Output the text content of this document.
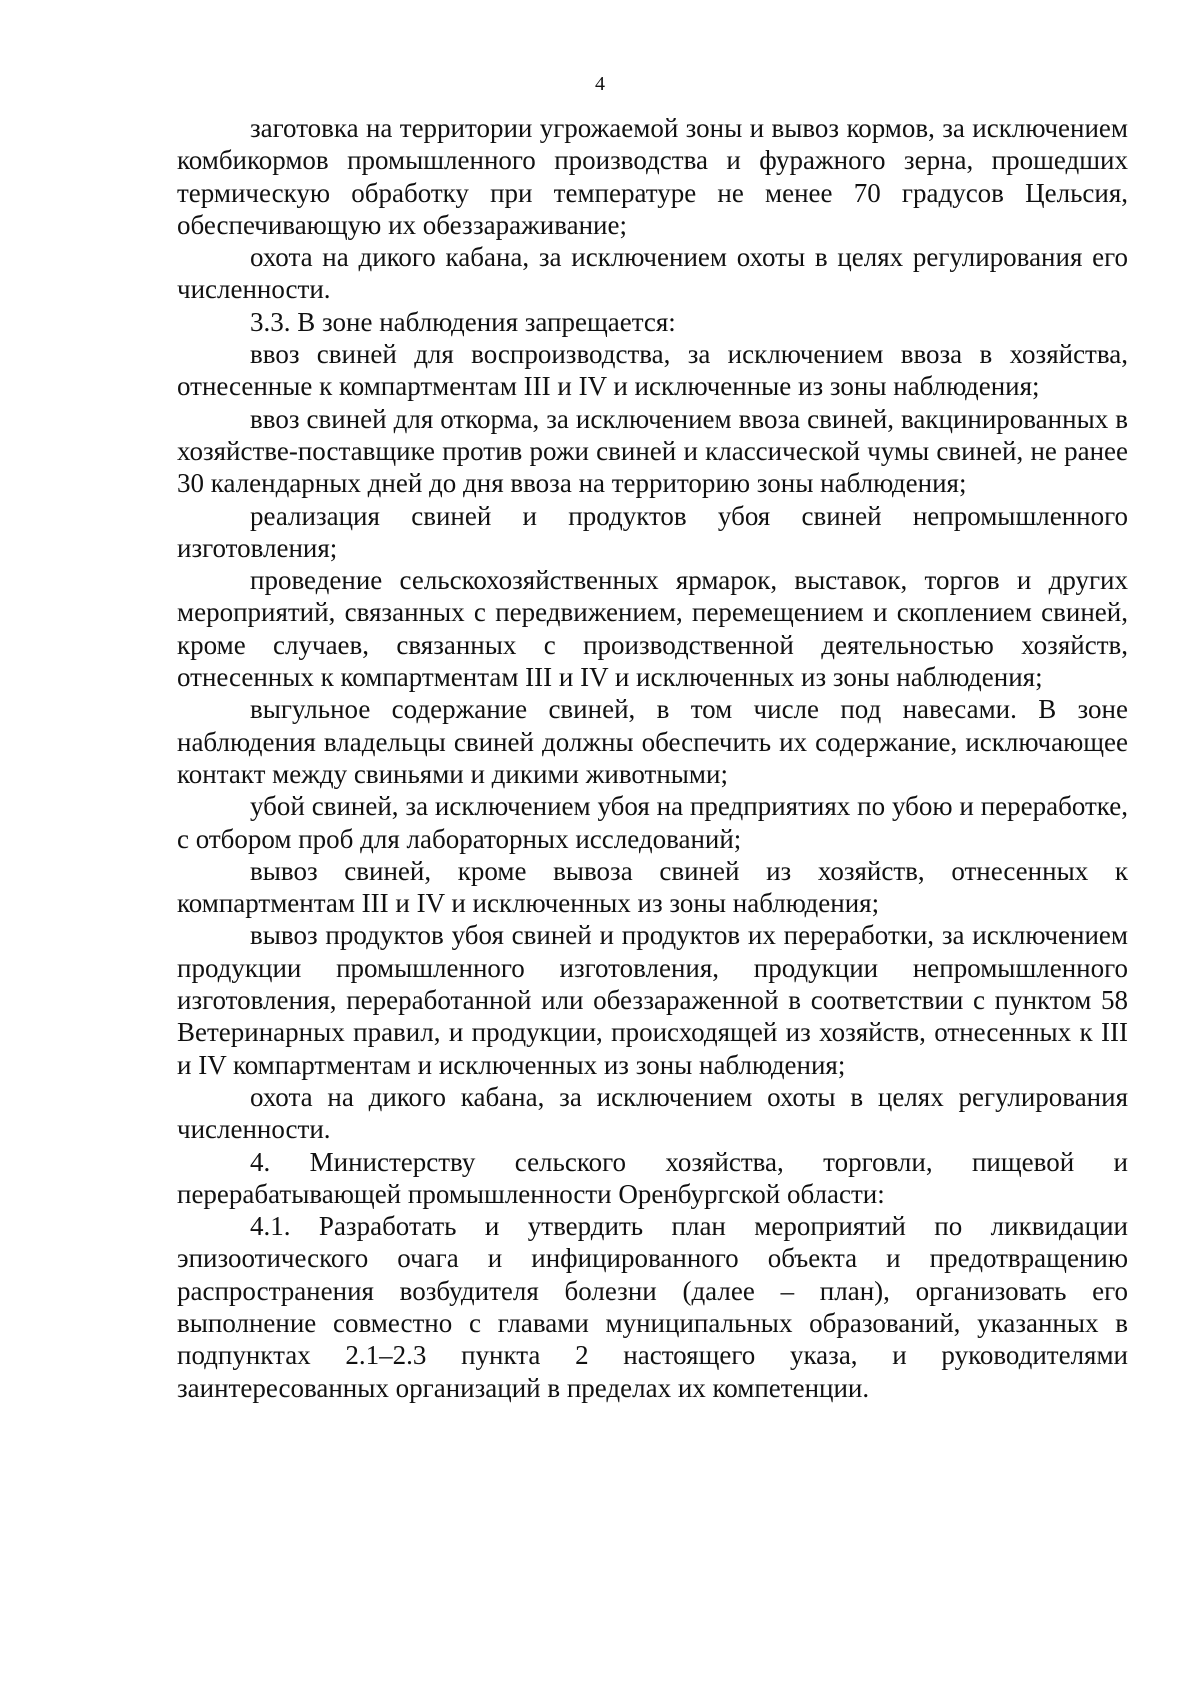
4

заготовка на территории угрожаемой зоны и вывоз кормов, за исключением комбикормов промышленного производства и фуражного зерна, прошедших термическую обработку при температуре не менее 70 градусов Цельсия, обеспечивающую их обеззараживание;

охота на дикого кабана, за исключением охоты в целях регулирования его численности.

3.3. В зоне наблюдения запрещается:

ввоз свиней для воспроизводства, за исключением ввоза в хозяйства, отнесенные к компартментам III и IV и исключенные из зоны наблюдения;

ввоз свиней для откорма, за исключением ввоза свиней, вакцинированных в хозяйстве-поставщике против рожи свиней и классической чумы свиней, не ранее 30 календарных дней до дня ввоза на территорию зоны наблюдения;

реализация свиней и продуктов убоя свиней непромышленного изготовления;

проведение сельскохозяйственных ярмарок, выставок, торгов и других мероприятий, связанных с передвижением, перемещением и скоплением свиней, кроме случаев, связанных с производственной деятельностью хозяйств, отнесенных к компартментам III и IV и исключенных из зоны наблюдения;

выгульное содержание свиней, в том числе под навесами. В зоне наблюдения владельцы свиней должны обеспечить их содержание, исключающее контакт между свиньями и дикими животными;

убой свиней, за исключением убоя на предприятиях по убою и переработке, с отбором проб для лабораторных исследований;

вывоз свиней, кроме вывоза свиней из хозяйств, отнесенных к компартментам III и IV и исключенных из зоны наблюдения;

вывоз продуктов убоя свиней и продуктов их переработки, за исключением продукции промышленного изготовления, продукции непромышленного изготовления, переработанной или обеззараженной в соответствии с пунктом 58 Ветеринарных правил, и продукции, происходящей из хозяйств, отнесенных к III и IV компартментам и исключенных из зоны наблюдения;

охота на дикого кабана, за исключением охоты в целях регулирования численности.

4. Министерству сельского хозяйства, торговли, пищевой и перерабатывающей промышленности Оренбургской области:

4.1. Разработать и утвердить план мероприятий по ликвидации эпизоотического очага и инфицированного объекта и предотвращению распространения возбудителя болезни (далее – план), организовать его выполнение совместно с главами муниципальных образований, указанных в подпунктах 2.1–2.3 пункта 2 настоящего указа, и руководителями заинтересованных организаций в пределах их компетенции.
